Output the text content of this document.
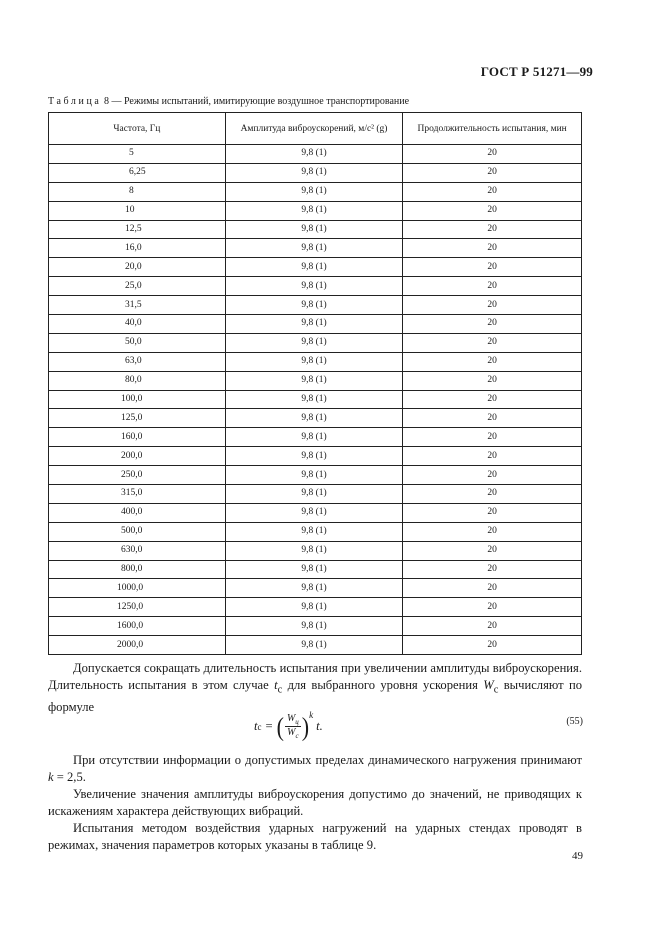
ГОСТ Р 51271—99
Таблица 8 — Режимы испытаний, имитирующие воздушное транспортирование
Частота, Гц	Амплитуда виброускорений, м/с² (g)	Продолжительность испытания, мин
5	9,8 (1)	20
6,25	9,8 (1)	20
8	9,8 (1)	20
10	9,8 (1)	20
12,5	9,8 (1)	20
16,0	9,8 (1)	20
20,0	9,8 (1)	20
25,0	9,8 (1)	20
31,5	9,8 (1)	20
40,0	9,8 (1)	20
50,0	9,8 (1)	20
63,0	9,8 (1)	20
80,0	9,8 (1)	20
100,0	9,8 (1)	20
125,0	9,8 (1)	20
160,0	9,8 (1)	20
200,0	9,8 (1)	20
250,0	9,8 (1)	20
315,0	9,8 (1)	20
400,0	9,8 (1)	20
500,0	9,8 (1)	20
630,0	9,8 (1)	20
800,0	9,8 (1)	20
1000,0	9,8 (1)	20
1250,0	9,8 (1)	20
1600,0	9,8 (1)	20
2000,0	9,8 (1)	20
Допускается сокращать длительность испытания при увеличении амплитуды виброускорения. Длительность испытания в этом случае $t_c$ для выбранного уровня ускорения $W_c$ вычисляют по формуле
t c = ( $\frac{W_ц}{W_c} )^k$
t.	(55)
При отсутствии информации о допустимых пределах динамического нагружения принимают k = 2,5.
Увеличение значения амплитуды виброускорения допустимо до значений, не приводящих к искажениям характера действующих вибраций.
Испытания методом воздействия ударных нагружений на ударных стендах проводят в режимах, значения параметров которых указаны в таблице 9.
49
